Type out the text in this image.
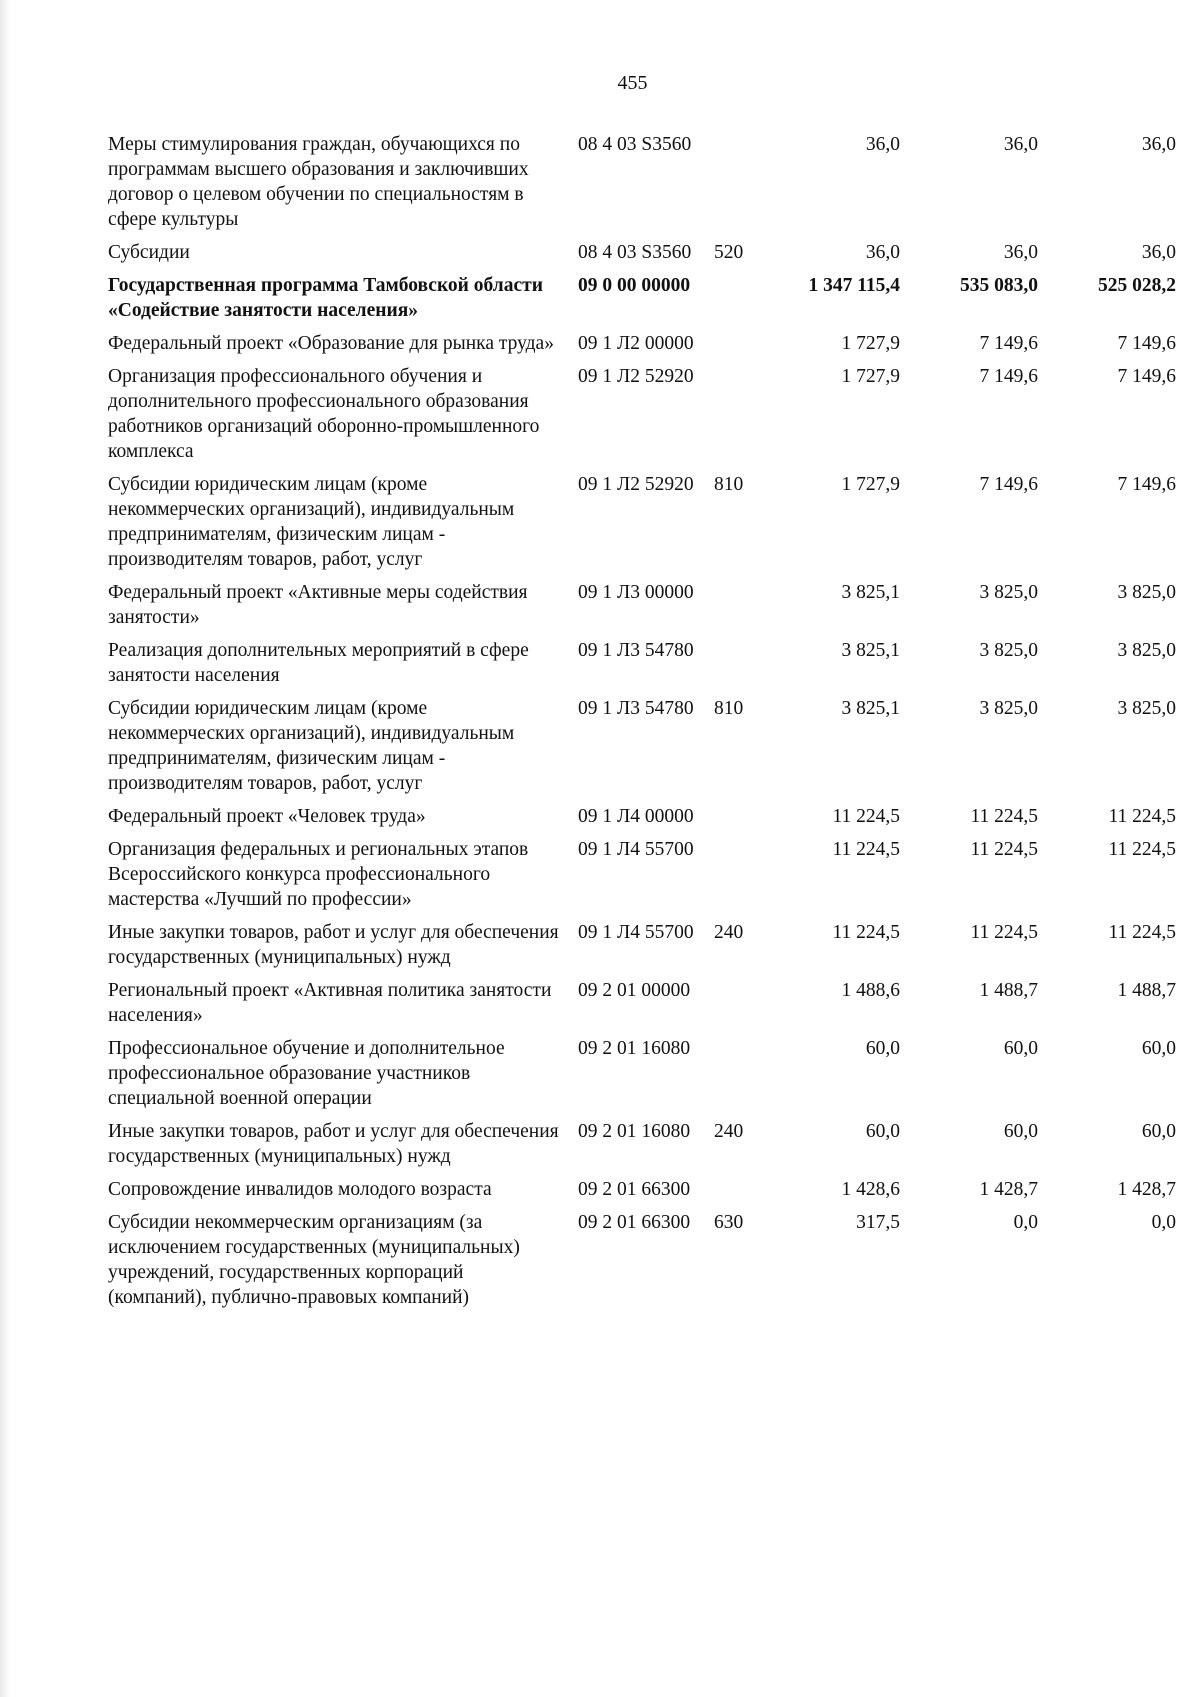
455
Меры стимулирования граждан, обучающихся по программам высшего образования и заключивших договор о целевом обучении по специальностям в сфере культуры	08 4 03 S3560		36,0	36,0	36,0
Субсидии	08 4 03 S3560	520	36,0	36,0	36,0
Государственная программа Тамбовской области «Содействие занятости населения»	09 0 00 00000		1 347 115,4	535 083,0	525 028,2
Федеральный проект «Образование для рынка труда»	09 1 Л2 00000		1 727,9	7 149,6	7 149,6
Организация профессионального обучения и дополнительного профессионального образования работников организаций оборонно-промышленного комплекса	09 1 Л2 52920		1 727,9	7 149,6	7 149,6
Субсидии юридическим лицам (кроме некоммерческих организаций), индивидуальным предпринимателям, физическим лицам - производителям товаров, работ, услуг	09 1 Л2 52920	810	1 727,9	7 149,6	7 149,6
Федеральный проект «Активные меры содействия занятости»	09 1 Л3 00000		3 825,1	3 825,0	3 825,0
Реализация дополнительных мероприятий в сфере занятости населения	09 1 Л3 54780		3 825,1	3 825,0	3 825,0
Субсидии юридическим лицам (кроме некоммерческих организаций), индивидуальным предпринимателям, физическим лицам - производителям товаров, работ, услуг	09 1 Л3 54780	810	3 825,1	3 825,0	3 825,0
Федеральный проект «Человек труда»	09 1 Л4 00000		11 224,5	11 224,5	11 224,5
Организация федеральных и региональных этапов Всероссийского конкурса профессионального мастерства «Лучший по профессии»	09 1 Л4 55700		11 224,5	11 224,5	11 224,5
Иные закупки товаров, работ и услуг для обеспечения государственных (муниципальных) нужд	09 1 Л4 55700	240	11 224,5	11 224,5	11 224,5
Региональный проект «Активная политика занятости населения»	09 2 01 00000		1 488,6	1 488,7	1 488,7
Профессиональное обучение и дополнительное профессиональное образование участников специальной военной операции	09 2 01 16080		60,0	60,0	60,0
Иные закупки товаров, работ и услуг для обеспечения государственных (муниципальных) нужд	09 2 01 16080	240	60,0	60,0	60,0
Сопровождение инвалидов молодого возраста	09 2 01 66300		1 428,6	1 428,7	1 428,7
Субсидии некоммерческим организациям (за исключением государственных (муниципальных) учреждений, государственных корпораций (компаний), публично-правовых компаний)	09 2 01 66300	630	317,5	0,0	0,0
